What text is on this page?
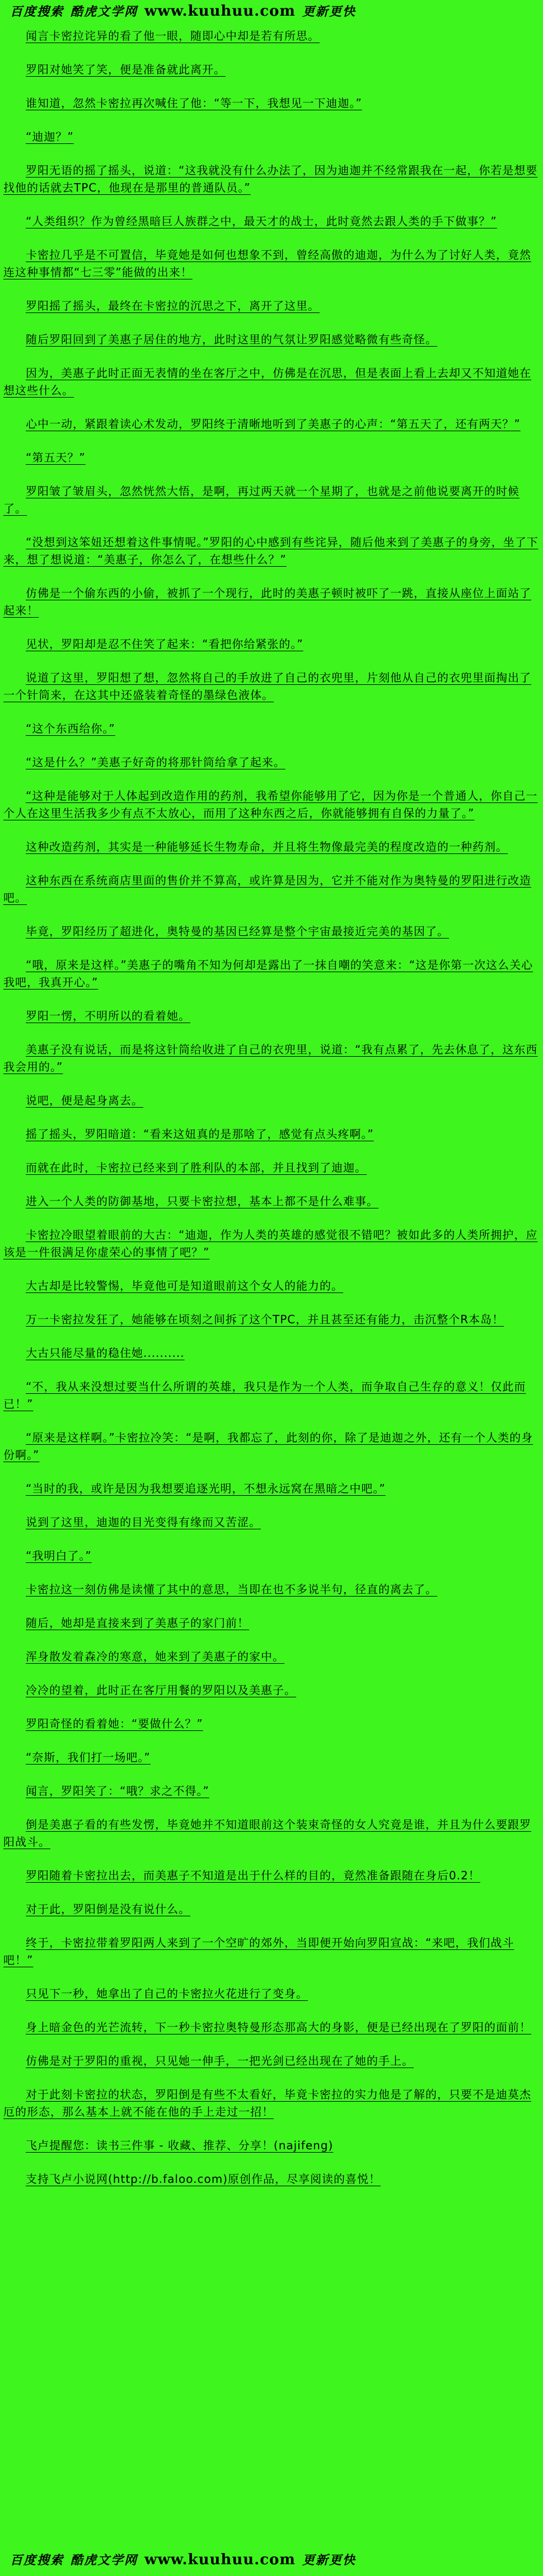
百度搜索 酷虎文学网 www.kuuhuu.com 更新更快

闻言卡密拉诧异的看了他一眼，随即心中却是若有所思。

罗阳对她笑了笑，便是准备就此离开。

谁知道，忽然卡密拉再次喊住了他：“等一下，我想见一下迪迦。”

“迪迦？”

罗阳无语的摇了摇头，说道：“这我就没有什么办法了，因为迪迦并不经常跟我在一起，你若是想要找他的话就去TPC，他现在是那里的普通队员。”

“人类组织？作为曾经黑暗巨人族群之中，最天才的战士，此时竟然去跟人类的手下做事？”

卡密拉几乎是不可置信，毕竟她是如何也想象不到，曾经高傲的迪迦，为什么为了讨好人类，竟然连这种事情都“七三零”能做的出来！

罗阳摇了摇头，最终在卡密拉的沉思之下，离开了这里。

随后罗阳回到了美惠子居住的地方，此时这里的气氛让罗阳感觉略微有些奇怪。

因为，美惠子此时正面无表情的坐在客厅之中，仿佛是在沉思，但是表面上看上去却又不知道她在想这些什么。

心中一动，紧跟着读心术发动，罗阳终于清晰地听到了美惠子的心声：“第五天了，还有两天？”

“第五天？”

罗阳皱了皱眉头，忽然恍然大悟，是啊，再过两天就一个星期了，也就是之前他说要离开的时候了。

“没想到这笨妞还想着这件事情呢。”罗阳的心中感到有些诧异，随后他来到了美惠子的身旁，坐了下来，想了想说道：“美惠子，你怎么了，在想些什么？”

仿佛是一个偷东西的小偷，被抓了一个现行，此时的美惠子顿时被吓了一跳，直接从座位上面站了起来！

见状，罗阳却是忍不住笑了起来：“看把你给紧张的。”

说道了这里，罗阳想了想，忽然将自己的手放进了自己的衣兜里，片刻他从自己的衣兜里面掏出了一个针筒来，在这其中还盛装着奇怪的墨绿色液体。

“这个东西给你。”

“这是什么？”美惠子好奇的将那针筒给拿了起来。

“这种是能够对于人体起到改造作用的药剂，我希望你能够用了它，因为你是一个普通人，你自己一个人在这里生活我多少有点不太放心，而用了这种东西之后，你就能够拥有自保的力量了。”

这种改造药剂，其实是一种能够延长生物寿命，并且将生物像最完美的程度改造的一种药剂。

这种东西在系统商店里面的售价并不算高，或许算是因为，它并不能对作为奥特曼的罗阳进行改造吧。

毕竟，罗阳经历了超进化，奥特曼的基因已经算是整个宇宙最接近完美的基因了。

“哦，原来是这样。”美惠子的嘴角不知为何却是露出了一抹自嘲的笑意来：“这是你第一次这么关心我吧，我真开心。”

罗阳一愣，不明所以的看着她。

美惠子没有说话，而是将这针筒给收进了自己的衣兜里，说道：“我有点累了，先去休息了，这东西我会用的。”

说吧，便是起身离去。

摇了摇头，罗阳暗道：“看来这妞真的是那啥了，感觉有点头疼啊。”

而就在此时，卡密拉已经来到了胜利队的本部，并且找到了迪迦。

进入一个人类的防御基地，只要卡密拉想，基本上都不是什么难事。

卡密拉冷眼望着眼前的大古：“迪迦，作为人类的英雄的感觉很不错吧？被如此多的人类所拥护，应该是一件很满足你虚荣心的事情了吧？”

大古却是比较警惕，毕竟他可是知道眼前这个女人的能力的。

万一卡密拉发狂了，她能够在顷刻之间拆了这个TPC，并且甚至还有能力，击沉整个R本岛！

大古只能尽量的稳住她..........

“不，我从来没想过要当什么所谓的英雄，我只是作为一个人类，而争取自己生存的意义！仅此而已！”

“原来是这样啊。”卡密拉冷笑：“是啊，我都忘了，此刻的你，除了是迪迦之外，还有一个人类的身份啊。”

“当时的我，或许是因为我想要追逐光明，不想永远窝在黑暗之中吧。”

说到了这里，迪迦的目光变得有缘而又苦涩。

“我明白了。”

卡密拉这一刻仿佛是读懂了其中的意思，当即在也不多说半句，径直的离去了。

随后，她却是直接来到了美惠子的家门前！

浑身散发着森冷的寒意，她来到了美惠子的家中。

冷冷的望着，此时正在客厅用餐的罗阳以及美惠子。

罗阳奇怪的看着她：“要做什么？”

“奈斯，我们打一场吧。”

闻言，罗阳笑了：“哦？求之不得。”

倒是美惠子看的有些发愣，毕竟她并不知道眼前这个装束奇怪的女人究竟是谁，并且为什么要跟罗阳战斗。

罗阳随着卡密拉出去，而美惠子不知道是出于什么样的目的，竟然准备跟随在身后0.2！

对于此，罗阳倒是没有说什么。

终于，卡密拉带着罗阳两人来到了一个空旷的郊外，当即便开始向罗阳宣战：“来吧，我们战斗吧！”

只见下一秒，她拿出了自己的卡密拉火花进行了变身。

身上暗金色的光芒流转，下一秒卡密拉奥特曼形态那高大的身影，便是已经出现在了罗阳的面前！

仿佛是对于罗阳的重视，只见她一伸手，一把光剑已经出现在了她的手上。

对于此刻卡密拉的状态，罗阳倒是有些不太看好，毕竟卡密拉的实力他是了解的，只要不是迪莫杰厄的形态，那么基本上就不能在他的手上走过一招！

飞卢提醒您：读书三件事 - 收藏、推荐、分享！(najifeng)

支持飞卢小说网(http://b.faloo.com)原创作品，尽享阅读的喜悦！

百度搜索 酷虎文学网 www.kuuhuu.com 更新更快
